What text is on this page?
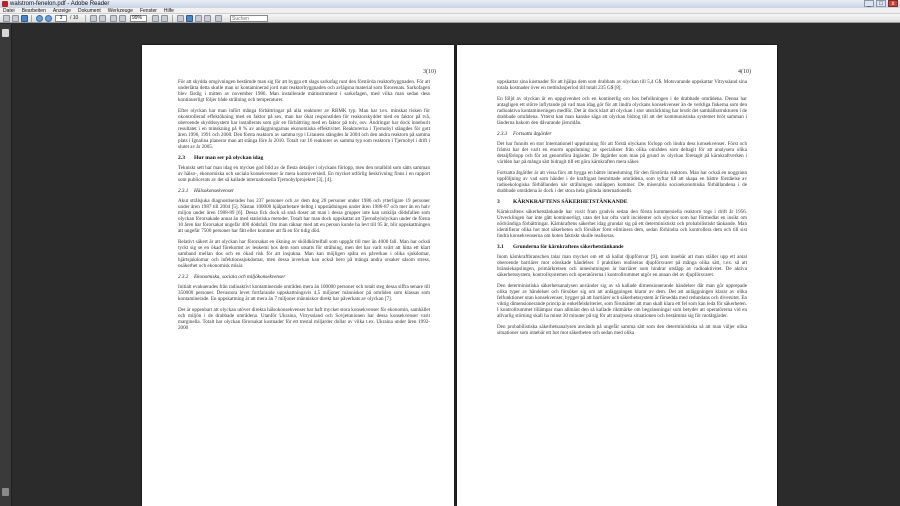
walstrom-fenelon.pdf - Adobe Reader	_	□	x
Datei Bearbeiten Anzeige Dokument Werkzeuge Fenster Hilfe
3	/ 10	99%
Suchen
3(10)

För att skydda omgivningen bestämde man sig för att bygga ett slags sarkofag runt den förstörda reaktorbyggnaden. För att underlätta detta skulle man ur kontaminerad jord runt reaktorbyggnaden och avlägsna material som förorenats. Sarkofagen blev färdig i mitten av november 1986. Man installerade mätinstrument i sarkofagen, med vilka man sedan dess kontinuerligt följer både strålning och temperaturer.

Efter olyckan har man infört många förbättringar på alla reaktorer av RBMK typ. Man har t.ex. minskat risken för okontrollerad effektökning med en faktor på sex, man har ökat responstiden för reaktorskyddet med en faktor på två, oberoende skyddssystem har installerats som gör en förbättring med en faktor på tolv, osv. Ändringar har dock inneburit resultatet i en minskning på 8 % av anläggningarnas ekonomiska effektivitet. Reaktorerna i Tjernobyl stängdes för gott åren 1996, 1991 och 2000. Den första reaktorn av samma typ i Litauens stängdes år 2004 och den andra reaktorn på samma plats i Ignalina planerar man att stänga före år 2010. Totalt var 16 reaktorer av samma typ som reaktorn i Tjernobyl i drift i slutet av år 2005.

2.3 Hur man ser på olyckan idag

Tekniskt sett har man idag en mycket god bild av de flesta detaljer i olyckans förlopp, men den totalbild som sätts samman av hälso-, ekonomiska och sociala konsekvenser är mera kontroversiell. En mycket utförlig beskrivning finns i en rapport som publicerats av det så kallade internationella Tjernobylprojektet [3], [4].

2.3.1 Hälsokonsekvenser

Akut strålsjuka diagnostiserades hos 237 personer och av dem dog 28 personer under 1986 och ytterligare 19 personer under åren 1987 till 2004 [5]. Nästan 100000 hjälparbetare deltog i uppstädningen under åren 1986-87 och mer än en halv miljon under åren 1988-89 [6]. Dessa fick dock så små doser att man i dessa grupper inte kan urskilja dödsfallen som olyckan förorsakade annat än med statistiska metoder. Totalt har man dock uppskattat att Tjernobylolyckan under de första 10 åren har förorsakat ungefär 400 dödsfall. Om man räknar med att en person kunde ha levt till 95 år, blir uppskattningen att ungefär 7500 personer har fått eller kommer att få en för tidig död.

Relativt säkert är att olyckan har förorsakat en ökning av sköldkörtelfall som uppgår till mer än 4000 fall. Man har också tyckt sig se en ökad förekomst av leukemi hos dem som utsatts för strålning, men det har varit svårt att hitta ett klart samband mellan dos och en ökad risk för att insjukna. Man kan möjligen spåra en påverkan i olika sjukdomar, hjärtsjukdomar och infektionssjukdomar, men dessa inverkan kan också bero på många andra orsaker såsom stress, osäkerhet och ekonomisk misär.

2.3.2 Ekonomiska, sociala och miljökonsekvenser

Initialt evakuerades från radioaktivt kontaminerade områden mera än 100000 personer och totalt steg dessa siffra senare till 350000 personer. Devastora levet fortfarande uppskattningsvis 4,5 miljoner människor på områden som klassas som kontaminerade. En uppskattning är att mera än 7 miljoner människor direkt har påverkats av olyckan [7].

Det är uppenbart att olyckan utöver direkta hälsokonsekvenser har haft mycket stora konsekvenser för ekonomin, samhället och miljön i de drabbade områdena. Utanför Ukraina, Vitryssland och Sovjetunionen har dessa konsekvenser varit marginella. Totalt har olyckan förorsakat kostnader för ett trestal miljarder dollar av vilka t.ex. Ukraina under åren 1992-2000

4(10)

uppskattar sina kostnader för att hjälpa dem som drabbats av olyckan till 5,4 G$. Motsvarande uppskattar Vitryssland sina totala kostnader över en trettioårsperiod till totalt 235 G$ [8].

En följd av olyckan är en uppgivenhet och en kontinerlig oro hos befolkningen i de drabbade områdena. Denna har antagligen ett större inflytande på vad man idag gör för att lindra olyckans konsekvenser än de verkliga fiskerna som den radioaktiva kontamineringen medför. Det är dock klart att olyckan i stor utsträckning har brutit det samhällsstrukturen i de drabbade områdena. Ytterst kan man kanske säga att olyckan bidrog till att det kommunistiska systemet bröt samman i länderna bakom den dåvarande järnridån.

2.3.3 Fortsatta åtgärder

Det har funnits en stor internationell uppslutning för att förstå olyckans förlopp och lindra dess konsekvenser. Först och främst har det varit en enorm uppslutning av specialister från olika områden som deltagit för att analysera olika detaljförlopp och för att genomföra åtgärder. De åtgärder som man på grund av olyckan företagit på kärnkraftverken i världen har på många sätt bidragit till ett göra kärnkraften mera säker.

Fortsatta åtgärder är att vissa förs att bygga en bättre inneslutning för den förstörda reaktorn. Man har också en noggrann uppföljning av vad som händer i de kraftigast besmittade områdena, som syftar till att skapa en bättre förståelse av radioekologiska förhållanden när strålningen utsläppen kommer. De miserabla socioekonomiska förhållandena i de drabbade områdena är dock i det stora hela glömda internationellt.

3 KÄRNKRAFTENS SÄKERHETSTÄNKANDE

Kärnkraftens säkerhetstänkande har vuxit fram gradvis sedan den första kommersiella reaktorn togs i drift år 1956. Utvecklingen har inte gått kontinuerligt, utan det har ofta varit incidenter och olyckor som har förmedlat en insikt om nödvändiga förbättringar. Kärnkraftens säkerhet idag grundar sig på ett deterministiskt och probabilistiskt tänkande. Man identifierar olika hot mot säkerheten och försöker först eliminera dem, sedan förhindra och kontrollera dem och till sist lindra konsekvenserna om hoten faktiskt skulle realiseras.

3.1 Grunderna för kärnkraftens säkerhetstänkande

Inom kärnkraftbranschen talar man mycket om ett så kallat djupförsvar [9], som innebär att man ställer upp ett antal oberoende barriärer mot oönskade händelser. I praktiken realiseras djupförsvaret på många olika sätt, t.ex. så att bränslekapslingen, primärkretsen och inneslutningen är barriärer som hindrar utsläpp av radioaktivitet. De aktiva säkerhetssystem, kontrollsystemen och operatörerna i kontrollrummet utgör en annan del av djupförsvaret.

Den deterministiska säkerhetsanalysen använder sig av så kallade dimensionerande händelser där man gör upprepade olika typer av händelser och försöker sig om att anläggningen klarar av dem. Det att anläggningen klarar av olika felfunktioner utan konsekvenser, bygger på att barriärer och säkerhetssystem är försedda med redundans och diversitet. En viktig dimensionerande princip är enkelfelskriteriet, som förutsätter att man skall klara ett fel som kan leda för säkerheten. I kontrollrummet tillämpar man allmänt den så kallade riktmärke om begränsningar som betyder att operatörerna vid en allvarlig störning skall ha minst 30 minuter på sig för att analysera situationen och bestämma sig för motåtgärder.

Den probabilistiska säkerhetsanalysen används på ungefär samma sätt som den deterministiska så att man väljer olika situationer som innebär ett hot mot säkerheten och sedan med olika
